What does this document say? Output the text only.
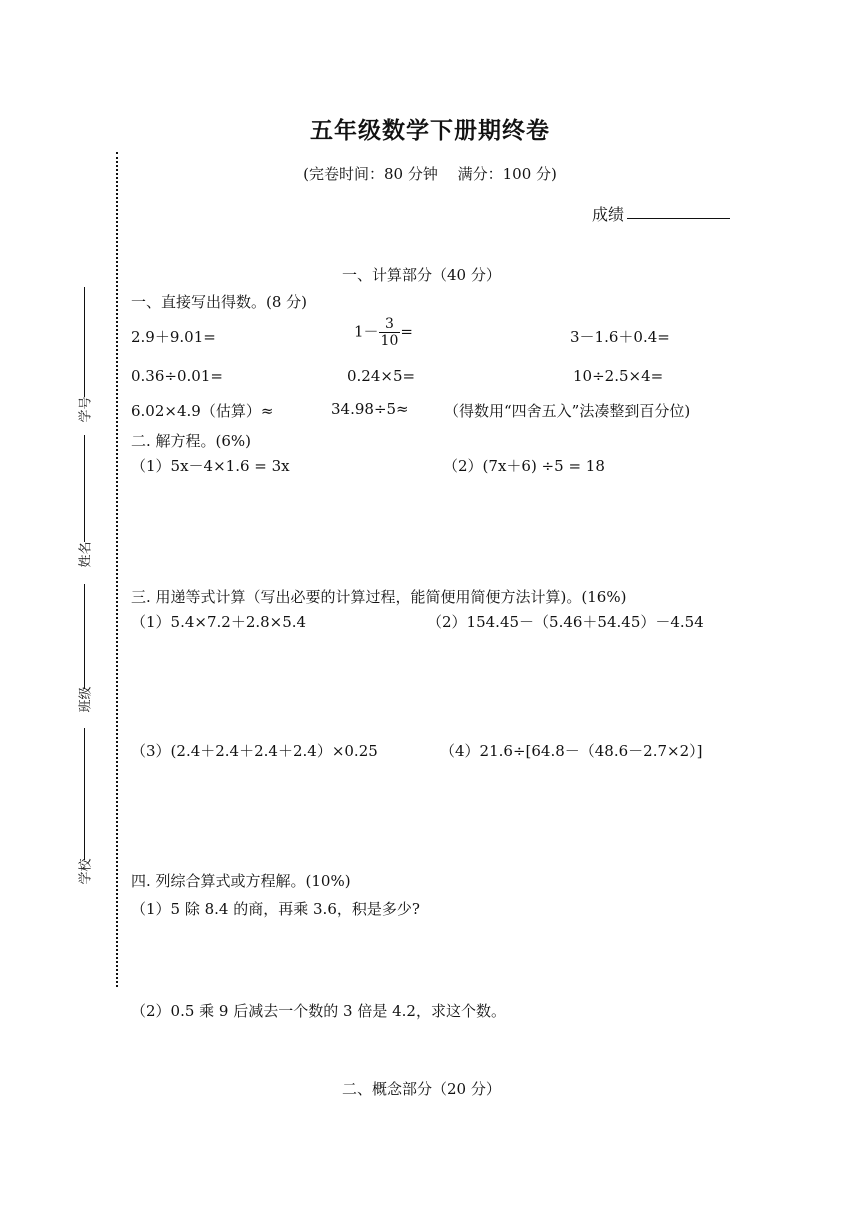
五年级数学下册期终卷
(完卷时间：80 分钟　 满分：100 分)
成绩
学号
姓名
班级
学校
一、计算部分（40 分）
一、直接写出得数。(8 分)
2.9＋9.01=	$1- \frac{3}{10}$ =	3－1.6＋0.4=
0.36÷0.01=	0.24×5=	10÷2.5×4=
6.02×4.9（估算）≈	34.98÷5≈ （得数用“四舍五入”法凑整到百分位)
二. 解方程。(6%)
（1）5x－4×1.6 = 3x	（2）(7x＋6) ÷5 = 18
三. 用递等式计算（写出必要的计算过程，能简便用简便方法计算)。(16%)
（1）5.4×7.2＋2.8×5.4	（2）154.45－（5.46＋54.45）－4.54
（3）(2.4＋2.4＋2.4＋2.4）×0.25	（4）21.6÷[64.8－（48.6－2.7×2）]
四. 列综合算式或方程解。(10%)
（1）5 除 8.4 的商，再乘 3.6，积是多少?
（2）0.5 乘 9 后减去一个数的 3 倍是 4.2，求这个数。
二、概念部分（20 分）
